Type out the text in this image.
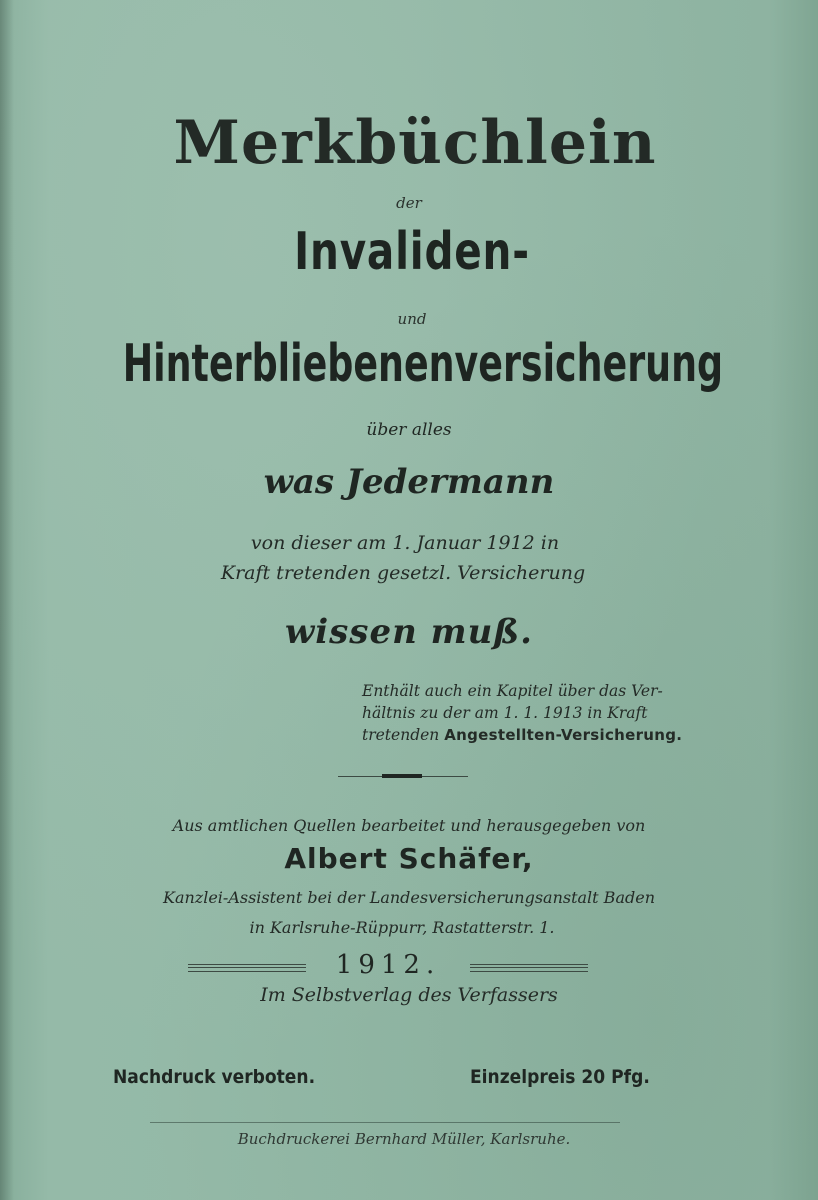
Merkbüchlein
der
Invaliden-
und
Hinterbliebenenversicherung
über alles
was Jedermann
von dieser am 1. Januar 1912 in
Kraft tretenden gesetzl. Versicherung
wissen muß.
Enthält auch ein Kapitel über das Ver-
hältnis zu der am 1. 1. 1913 in Kraft
tretenden Angestellten-Versicherung.
Aus amtlichen Quellen bearbeitet und herausgegeben von
Albert Schäfer,
Kanzlei-Assistent bei der Landesversicherungsanstalt Baden
in Karlsruhe-Rüppurr, Rastatterstr. 1.
1912.
Im Selbstverlag des Verfassers
Nachdruck verboten.	Einzelpreis 20 Pfg.
Buchdruckerei Bernhard Müller, Karlsruhe.
